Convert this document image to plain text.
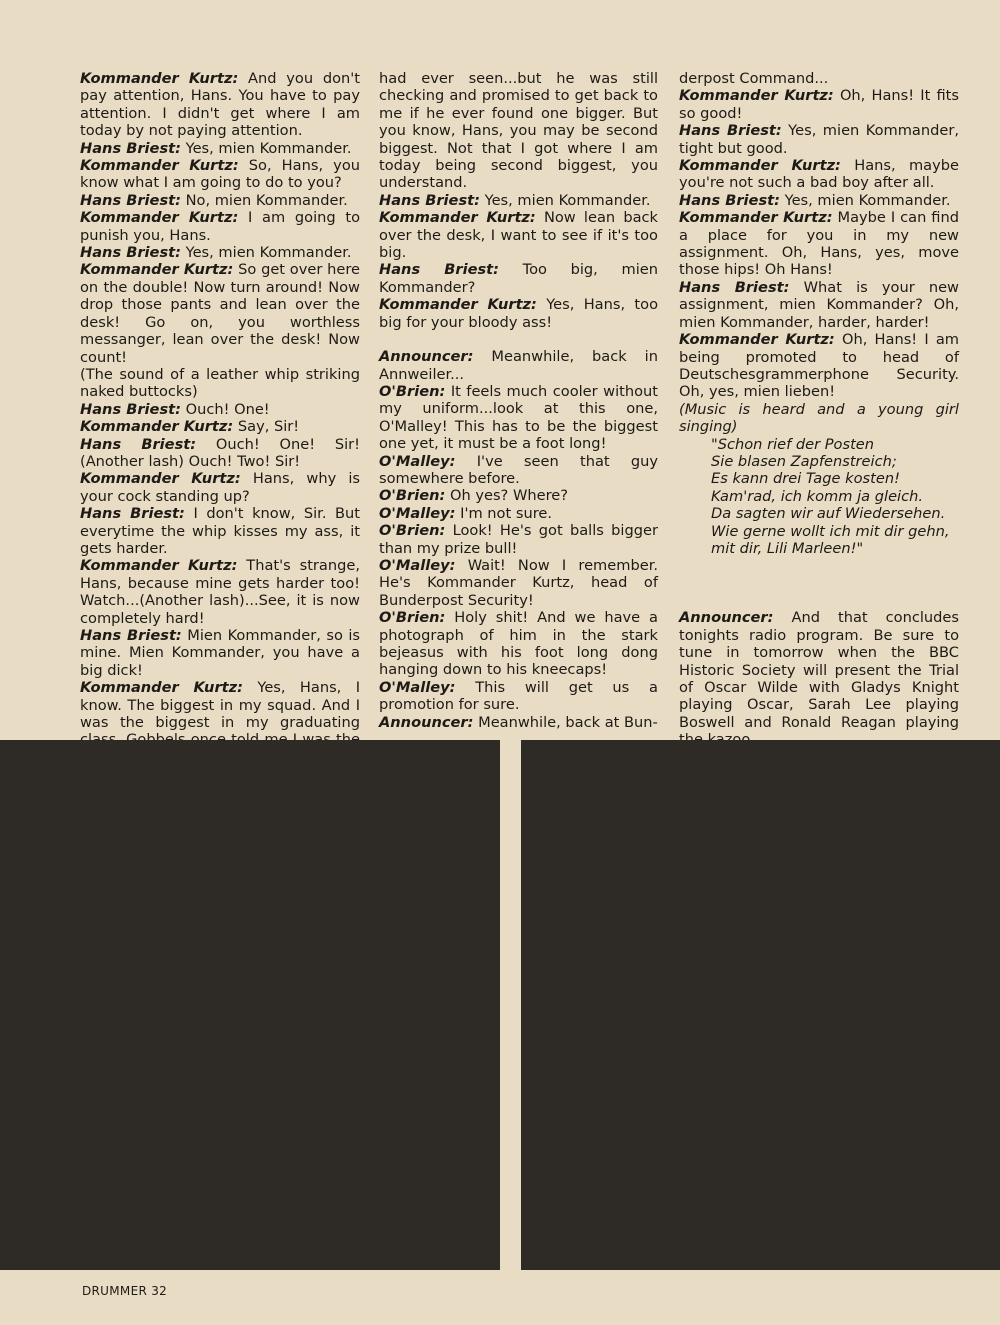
Kommander Kurtz: And you don't pay attention, Hans. You have to pay attention. I didn't get where I am today by not paying attention.
Hans Briest: Yes, mien Kommander.
Kommander Kurtz: So, Hans, you know what I am going to do to you?
Hans Briest: No, mien Kommander.
Kommander Kurtz: I am going to punish you, Hans.
Hans Briest: Yes, mien Kommander.
Kommander Kurtz: So get over here on the double! Now turn around! Now drop those pants and lean over the desk! Go on, you worthless messanger, lean over the desk! Now count!
(The sound of a leather whip striking naked buttocks)
Hans Briest: Ouch! One!
Kommander Kurtz: Say, Sir!
Hans Briest: Ouch! One! Sir! (Another lash) Ouch! Two! Sir!
Kommander Kurtz: Hans, why is your cock standing up?
Hans Briest: I don't know, Sir. But everytime the whip kisses my ass, it gets harder.
Kommander Kurtz: That's strange, Hans, because mine gets harder too! Watch...(Another lash)...See, it is now completely hard!
Hans Briest: Mien Kommander, so is mine. Mien Kommander, you have a big dick!
Kommander Kurtz: Yes, Hans, I know. The biggest in my squad. And I was the biggest in my graduating
had ever seen...but he was still checking and promised to get back to me if he ever found one bigger. But you know, Hans, you may be second biggest. Not that I got where I am today being second biggest, you understand.
Hans Briest: Yes, mien Kommander.
Kommander Kurtz: Now lean back over the desk, I want to see if it's too big.
Hans Briest: Too big, mien Kommander?
Kommander Kurtz: Yes, Hans, too big for your bloody ass!
Announcer: Meanwhile, back in Annweiler...
O'Brien: It feels much cooler without my uniform...look at this one, O'Malley! This has to be the biggest one yet, it must be a foot long!
O'Malley: I've seen that guy somewhere before.
O'Brien: Oh yes? Where?
O'Malley: I'm not sure.
O'Brien: Look! He's got balls bigger than my prize bull!
O'Malley: Wait! Now I remember. He's Kommander Kurtz, head of Bunderpost Security!
O'Brien: Holy shit! And we have a photograph of him in the stark bejeasus with his foot long dong hanging down to his kneecaps!
O'Malley: This will get us a promotion for sure.
Announcer: Meanwhile, back at Bun-
derpost Command...
Kommander Kurtz: Oh, Hans! It fits so good!
Hans Briest: Yes, mien Kommander, tight but good.
Kommander Kurtz: Hans, maybe you're not such a bad boy after all.
Hans Briest: Yes, mien Kommander.
Kommander Kurtz: Maybe I can find a place for you in my new assignment. Oh, Hans, yes, move those hips! Oh Hans!
Hans Briest: What is your new assignment, mien Kommander? Oh, mien Kommander, harder, harder!
Kommander Kurtz: Oh, Hans! I am being promoted to head of Deutschesgrammerphone Security. Oh, yes, mien lieben!
(Music is heard and a young girl singing)
"Schon rief der Posten
Sie blasen Zapfenstreich;
Es kann drei Tage kosten!
Kam'rad, ich komm ja gleich.
Da sagten wir auf Wiedersehen.
Wie gerne wollt ich mit dir gehn,
mit dir, Lili Marleen!"
Announcer: And that concludes tonights radio program. Be sure to tune in tomorrow when the BBC Historic Society will present the Trial of Oscar Wilde with Gladys Knight playing Oscar, Sarah Lee playing Boswell and Ronald Reagan playing
DRUMMER 32
